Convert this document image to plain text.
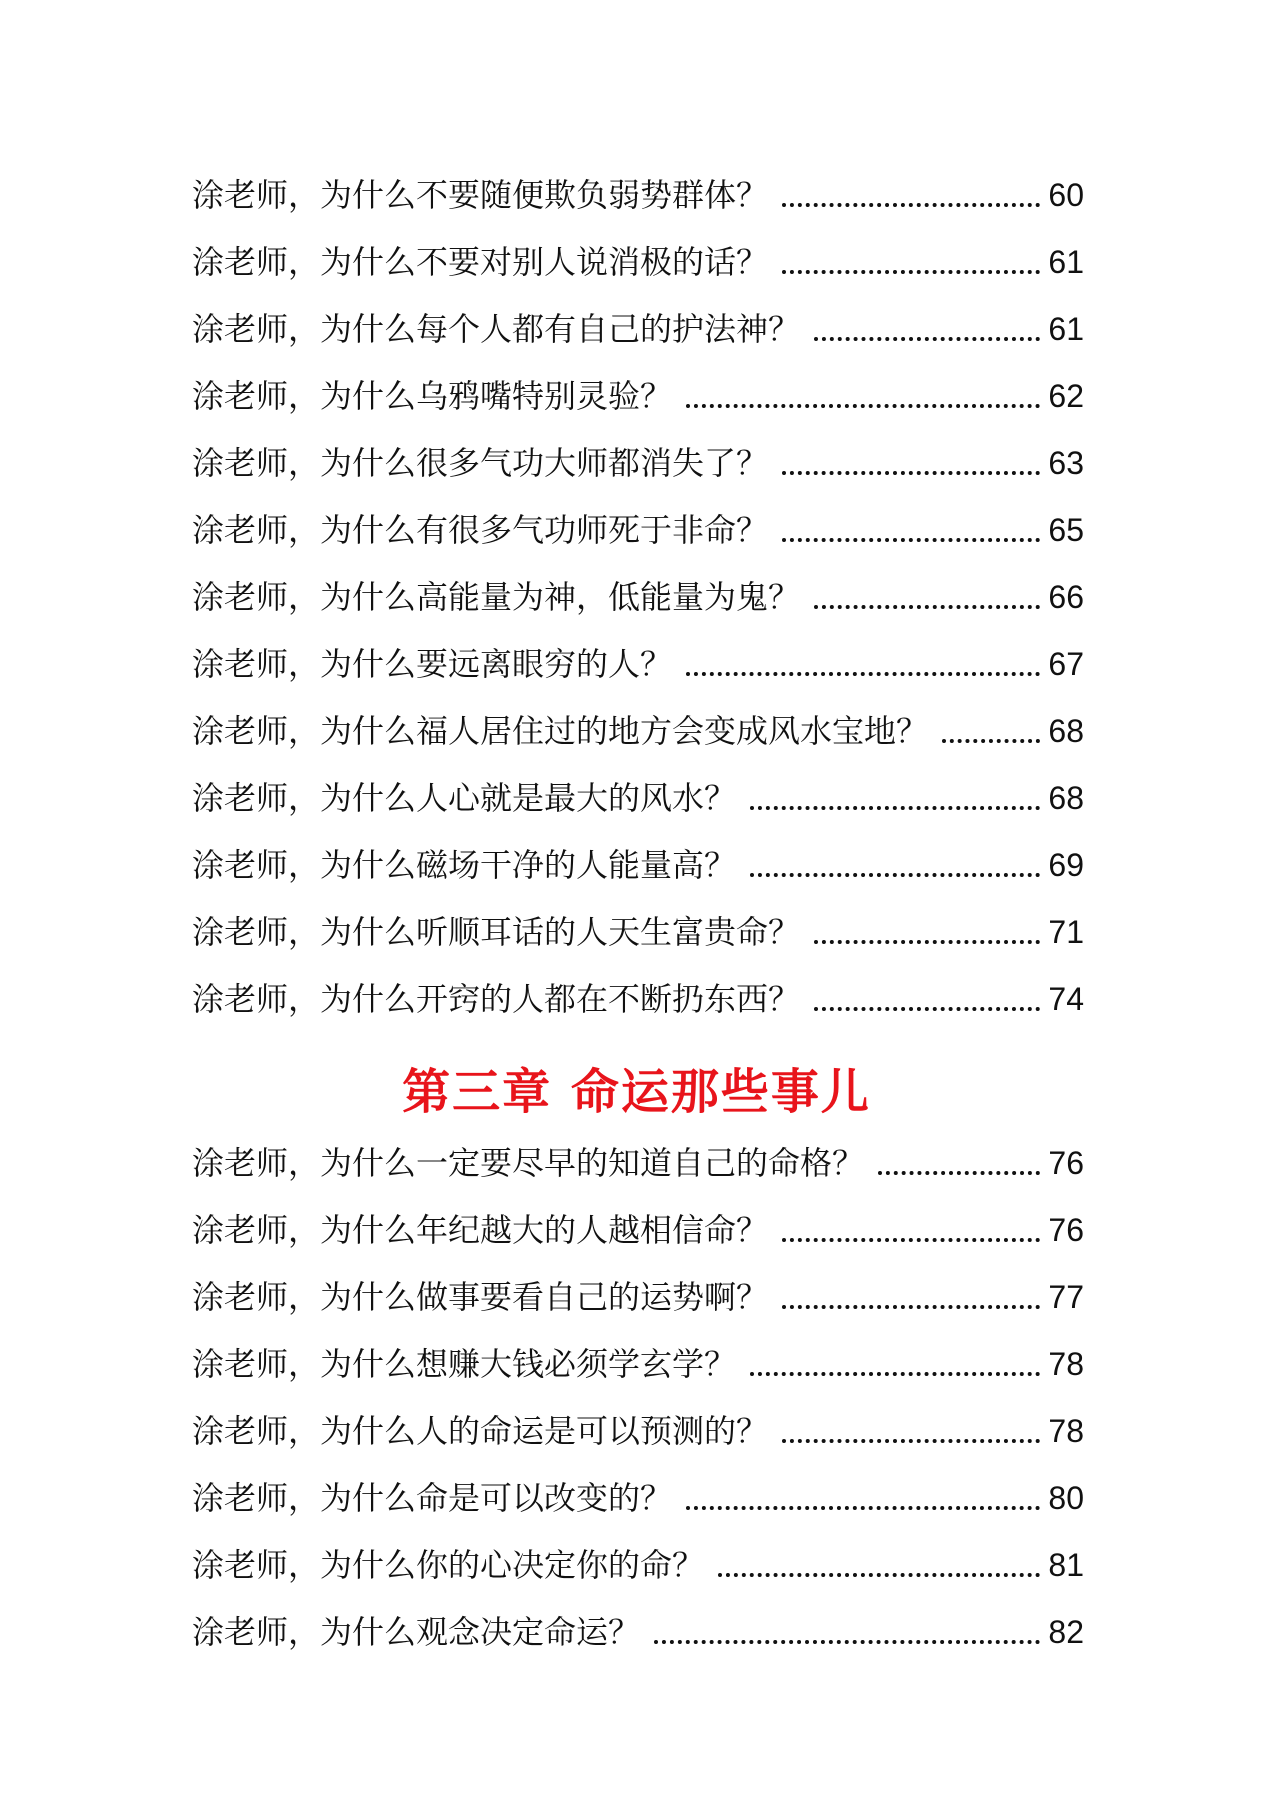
涂老师，为什么不要随便欺负弱势群体？	60
涂老师，为什么不要对别人说消极的话？	61
涂老师，为什么每个人都有自己的护法神？	61
涂老师，为什么乌鸦嘴特别灵验？	62
涂老师，为什么很多气功大师都消失了？	63
涂老师，为什么有很多气功师死于非命？	65
涂老师，为什么高能量为神，低能量为鬼？	66
涂老师，为什么要远离眼穷的人？	67
涂老师，为什么福人居住过的地方会变成风水宝地？	68
涂老师，为什么人心就是最大的风水？	68
涂老师，为什么磁场干净的人能量高？	69
涂老师，为什么听顺耳话的人天生富贵命？	71
涂老师，为什么开窍的人都在不断扔东西？	74
第三章 命运那些事儿
涂老师，为什么一定要尽早的知道自己的命格？	76
涂老师，为什么年纪越大的人越相信命？	76
涂老师，为什么做事要看自己的运势啊？	77
涂老师，为什么想赚大钱必须学玄学？	78
涂老师，为什么人的命运是可以预测的？	78
涂老师，为什么命是可以改变的？	80
涂老师，为什么你的心决定你的命？	81
涂老师，为什么观念决定命运？	82
